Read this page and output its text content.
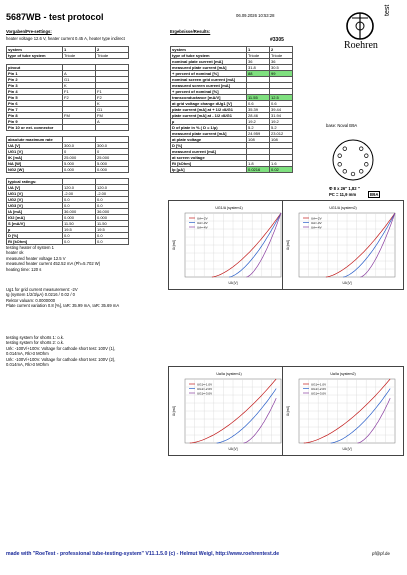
5687WB - test protocol	06.09.2026 10:53:28
Vorgaben/Pre-settings:
heater voltage 12.6 V, heater current 0.45 A, heater type indirect
Ergebnisse/Results:
#3305	Roehren
test
system	1	2
type of tube system	Triode	Triode

pinout		
Pin 1	A	
Pin 2	G1	
Pin 3	K	
Pin 4	F1	F1
Pin 5	F2	F2
Pin 6		K
Pin 7		G1
Pin 8	FM	FM
Pin 9		A
Pin 10 or ext. connector		

absolute maximum rate		
UA [V]	300.0	300.0
UG1 [V]	0	0
IK [mA]	25.000	25.000
NA [W]	5.000	5.000
NG2 [W]	0.000	0.000

typical ratings:		
UA [V]	120.0	120.0
UG1 [V]	-2.00	-2.00
UG2 [V]	0.0	0.0
UG3 [V]	0.0	0.0
IA [mA]	36.000	36.000
IG2 [mA]	0.000	0.000
S [mA/V]	11.50	11.50
µ	19.5	19.5
D [%]	0.0	0.0
Ri [kOhm]	0.0	0.0
system	1	2
type of tube system	Triode	Triode
nominal plate current [mA]	36	36
measured plate current [mA]	31.8	30.5
+ percent of nominal [%]	88	99
nominal screen grid current [mA]		
measured screen current [mA]		
+ percent of nominal [%]		
transconductance [mA/V]	11.55	12.5
at grid voltage change dUg1 [V]	0.6	0.6
plate current [mA] at + 1/2 dUG1	35.39	39.44
plate current [mA] at - 1/2 dUG1	28.46	31.94
µ	19.2	19.2
D of plate in % ( D = 1/µ)	5.2	5.2
measured plate current [mA]	24.959	23.012
at plate voltage	108	108
D [%]		
measured current [mA]		
at screen voltage		
Ri [kOhm]	1.8	1.6
Ip [µA]	0.0216	0.02
base: Noval B9A
Φ 8 x 26″ 1,82 ″
PC = 11,9 mm	B9A
UG1/A (system1)
UA [V]
IA [mA]
UA=-2V
UA=-3V
UA=-4V
UG1/A (system2)
UA [V]
IA [mA]
UA=-2V
UA=-3V
UA=-4V
Ua/Ia (system1)
UA [V]
IA [mA]
UG1=-1.0V
UG1=-2.0V
UG1=-3.0V
Ua/Ia (system2)
UA [V]
IA [mA]
UG1=-1.0V
UG1=-2.0V
UG1=-3.0V
testing heater of system 1
heater ok
measured heater voltage 12.5 V
measured heater current 452.52 mA (Ph=5.702 W)
heating time: 120 s
Ug1 for grid current measurement: -2V
Ig (system 1/2/3/µA) 0.0216 / 0.02 / 0
Rektor valuam: 0.0000000
Plate current variation 0.8 [%], IaR: 35.99 mA, IaR: 35.69 mA
testing system for shorts 1: o.k.
testing system for shorts 2: o.k.
Urk: -100V/+100V. Voltage for cathode short test: 100V (1),
0.014mA, Rk>3 MOhm
Urk: -100V/+100V. Voltage for cathode short test: 100V (2),
0.014mA, Rk>3 MOhm
made with "RoeTest - professional tube-testing-system" V11.1.5.0 (c) - Helmut Weigl, http://www.roehrentest.de	pf@pf.de
